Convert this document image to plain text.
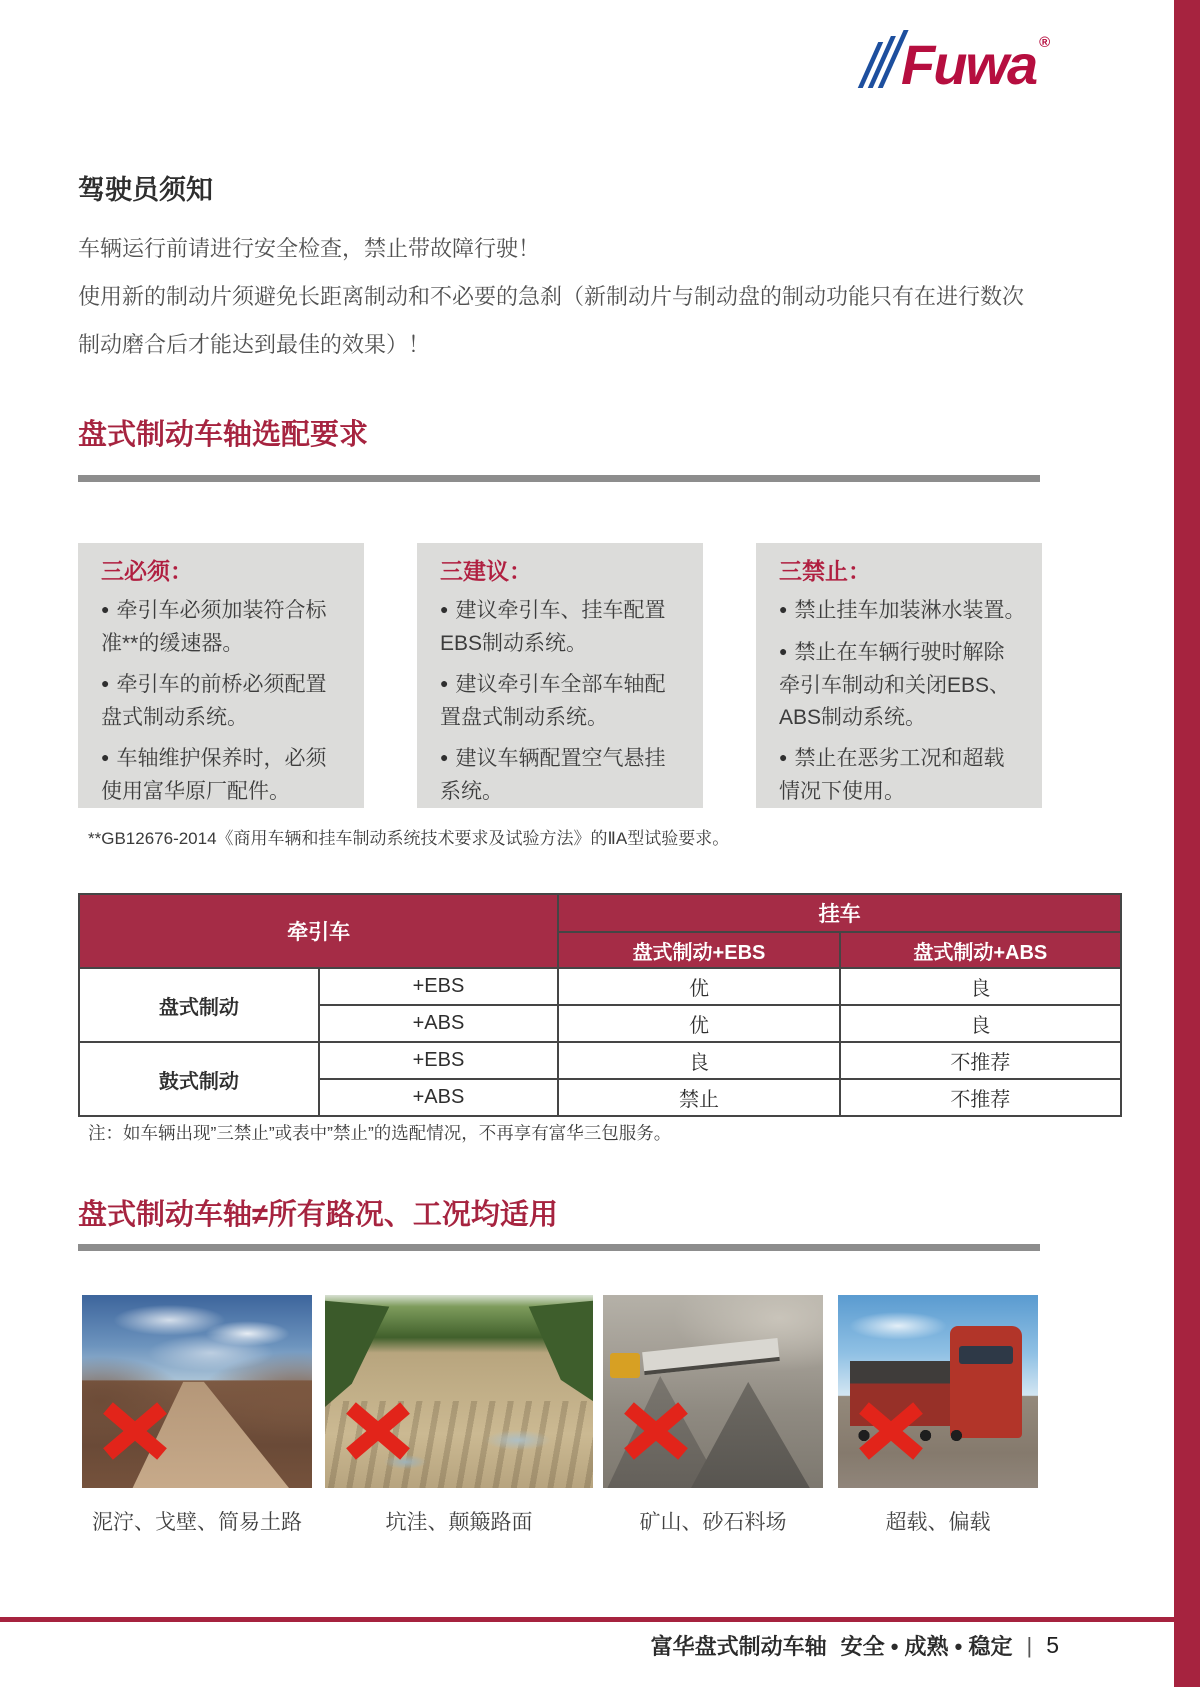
Fuwa ®
驾驶员须知

车辆运行前请进行安全检查，禁止带故障行驶！

使用新的制动片须避免长距离制动和不必要的急刹（新制动片与制动盘的制动功能只有在进行数次制动磨合后才能达到最佳的效果）！

盘式制动车轴选配要求

三必须：

● 牵引车必须加装符合标准**的缓速器。

● 牵引车的前桥必须配置盘式制动系统。

● 车轴维护保养时，必须使用富华原厂配件。

三建议：

● 建议牵引车、挂车配置EBS制动系统。

● 建议牵引车全部车轴配置盘式制动系统。

● 建议车辆配置空气悬挂系统。

三禁止：

● 禁止挂车加装淋水装置。

● 禁止在车辆行驶时解除牵引车制动和关闭EBS、ABS制动系统。

● 禁止在恶劣工况和超载情况下使用。

**GB12676-2014《商用车辆和挂车制动系统技术要求及试验方法》的ⅡA型试验要求。
牵引车		挂车	
		盘式制动+EBS	盘式制动+ABS
盘式制动	+EBS	优	良
	+ABS	优	良
鼓式制动	+EBS	良	不推荐
	+ABS	禁止	不推荐
注：如车辆出现”三禁止”或表中”禁止”的选配情况，不再享有富华三包服务。
盘式制动车轴≠所有路况、工况均适用
泥泞、戈壁、简易土路	坑洼、颠簸路面	矿山、砂石料场	超载、偏载
富华盘式制动车轴 安全 • 成熟 • 稳定 | 5
